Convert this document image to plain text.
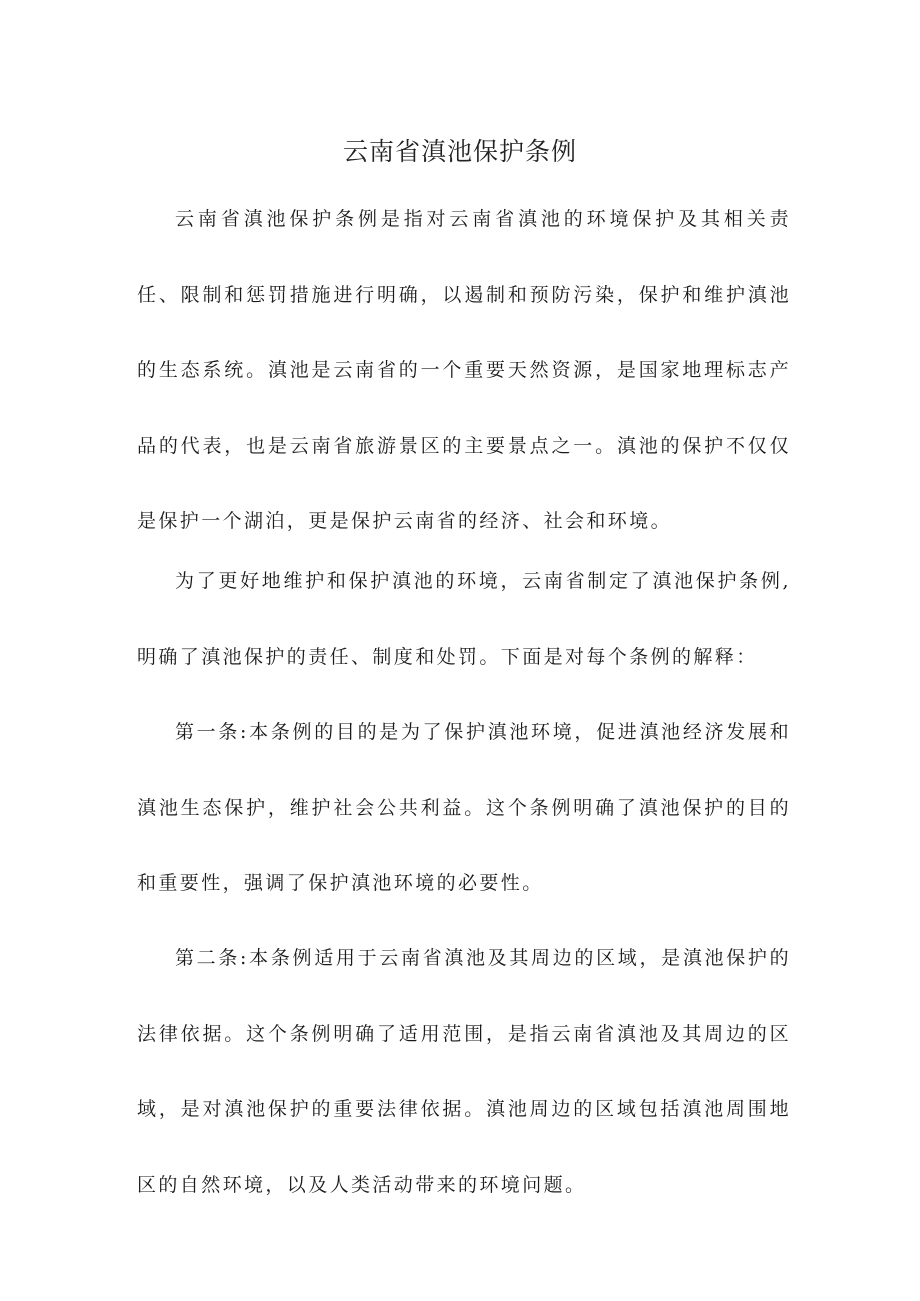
云南省滇池保护条例

云南省滇池保护条例是指对云南省滇池的环境保护及其相关责任、限制和惩罚措施进行明确，以遏制和预防污染，保护和维护滇池的生态系统。滇池是云南省的一个重要天然资源，是国家地理标志产品的代表，也是云南省旅游景区的主要景点之一。滇池的保护不仅仅是保护一个湖泊，更是保护云南省的经济、社会和环境。

为了更好地维护和保护滇池的环境，云南省制定了滇池保护条例,明确了滇池保护的责任、制度和处罚。下面是对每个条例的解释：

第一条:本条例的目的是为了保护滇池环境，促进滇池经济发展和滇池生态保护，维护社会公共利益。这个条例明确了滇池保护的目的和重要性，强调了保护滇池环境的必要性。

第二条:本条例适用于云南省滇池及其周边的区域，是滇池保护的法律依据。这个条例明确了适用范围，是指云南省滇池及其周边的区域，是对滇池保护的重要法律依据。滇池周边的区域包括滇池周围地区的自然环境，以及人类活动带来的环境问题。
